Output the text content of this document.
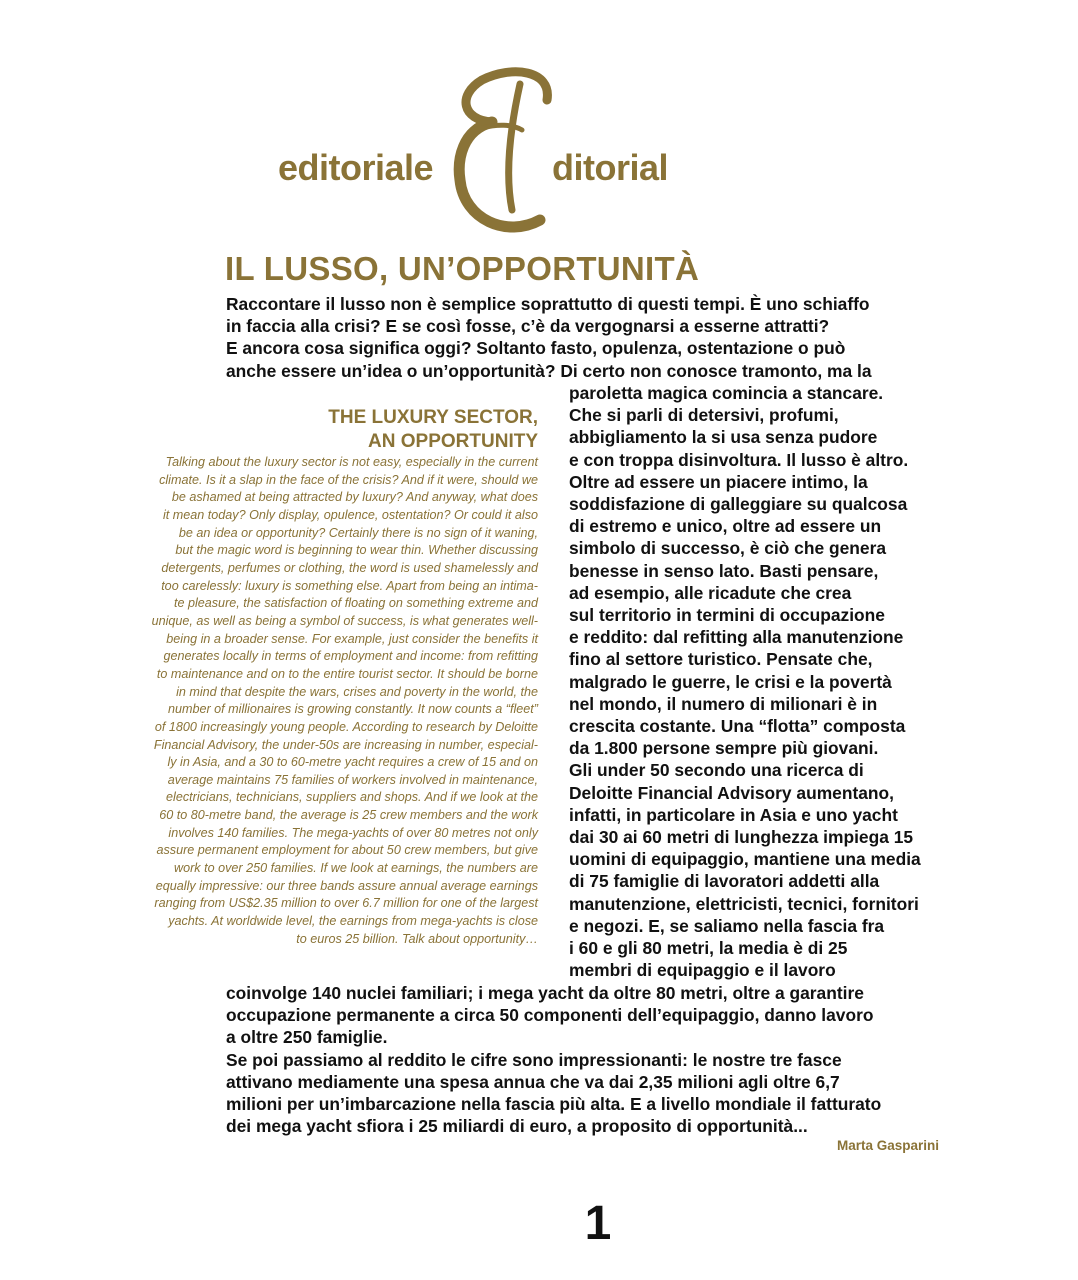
editoriale	ditorial
IL LUSSO, UN’OPPORTUNITÀ

Raccontare il lusso non è semplice soprattutto di questi tempi. È uno schiaffo

in faccia alla crisi? E se così fosse, c’è da vergognarsi a esserne attratti?

E ancora cosa significa oggi? Soltanto fasto, opulenza, ostentazione o può

anche essere un’idea o un’opportunità? Di certo non conosce tramonto, ma la

THE LUXURY SECTOR,
AN OPPORTUNITY

Talking about the luxury sector is not easy, especially in the current

climate. Is it a slap in the face of the crisis? And if it were, should we

be ashamed at being attracted by luxury? And anyway, what does

it mean today? Only display, opulence, ostentation? Or could it also

be an idea or opportunity? Certainly there is no sign of it waning,

but the magic word is beginning to wear thin. Whether discussing

detergents, perfumes or clothing, the word is used shamelessly and

too carelessly: luxury is something else. Apart from being an intima-

te pleasure, the satisfaction of floating on something extreme and

unique, as well as being a symbol of success, is what generates well-

being in a broader sense. For example, just consider the benefits it

generates locally in terms of employment and income: from refitting

to maintenance and on to the entire tourist sector. It should be borne

in mind that despite the wars, crises and poverty in the world, the

number of millionaires is growing constantly. It now counts a “fleet”

of 1800 increasingly young people. According to research by Deloitte

Financial Advisory, the under-50s are increasing in number, especial-

ly in Asia, and a 30 to 60-metre yacht requires a crew of 15 and on

average maintains 75 families of workers involved in maintenance,

electricians, technicians, suppliers and shops. And if we look at the

60 to 80-metre band, the average is 25 crew members and the work

involves 140 families. The mega-yachts of over 80 metres not only

assure permanent employment for about 50 crew members, but give

work to over 250 families. If we look at earnings, the numbers are

equally impressive: our three bands assure annual average earnings

ranging from US$2.35 million to over 6.7 million for one of the largest

yachts. At worldwide level, the earnings from mega-yachts is close

to euros 25 billion. Talk about opportunity…

paroletta magica comincia a stancare.

Che si parli di detersivi, profumi,

abbigliamento la si usa senza pudore

e con troppa disinvoltura. Il lusso è altro.

Oltre ad essere un piacere intimo, la

soddisfazione di galleggiare su qualcosa

di estremo e unico, oltre ad essere un

simbolo di successo, è ciò che genera

benesse in senso lato. Basti pensare,

ad esempio, alle ricadute che crea

sul territorio in termini di occupazione

e reddito: dal refitting alla manutenzione

fino al settore turistico. Pensate che,

malgrado le guerre, le crisi e la povertà

nel mondo, il numero di milionari è in

crescita costante. Una “flotta” composta

da 1.800 persone sempre più giovani.

Gli under 50 secondo una ricerca di

Deloitte Financial Advisory aumentano,

infatti, in particolare in Asia e uno yacht

dai 30 ai 60 metri di lunghezza impiega 15

uomini di equipaggio, mantiene una media

di 75 famiglie di lavoratori addetti alla

manutenzione, elettricisti, tecnici, fornitori

e negozi. E, se saliamo nella fascia fra

i 60 e gli 80 metri, la media è di 25

membri di equipaggio e il lavoro

coinvolge 140 nuclei familiari; i mega yacht da oltre 80 metri, oltre a garantire

occupazione permanente a circa 50 componenti dell’equipaggio, danno lavoro

a oltre 250 famiglie.

Se poi passiamo al reddito le cifre sono impressionanti: le nostre tre fasce

attivano mediamente una spesa annua che va dai 2,35 milioni agli oltre 6,7

milioni per un’imbarcazione nella fascia più alta. E a livello mondiale il fatturato

dei mega yacht sfiora i 25 miliardi di euro, a proposito di opportunità...

Marta Gasparini
1
